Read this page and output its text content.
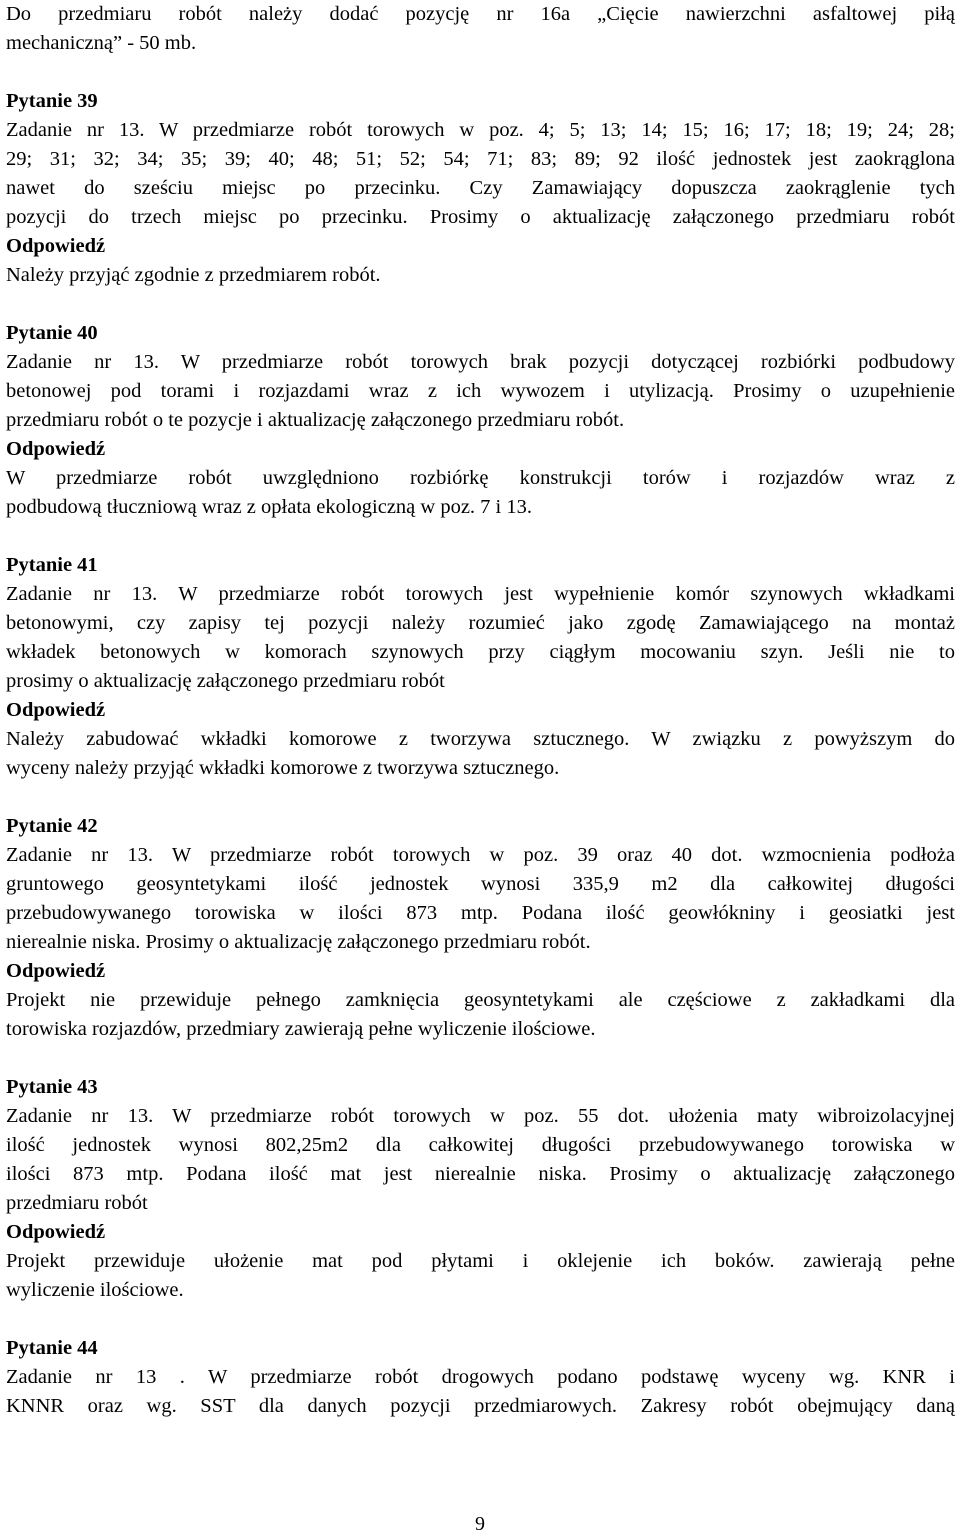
Do przedmiaru robót należy dodać pozycję nr 16a „Cięcie nawierzchni asfaltowej piłą
mechaniczną” - 50 mb.
Pytanie 39
Zadanie nr 13. W przedmiarze robót torowych w poz. 4; 5; 13; 14; 15; 16; 17; 18; 19; 24; 28;
29; 31; 32; 34; 35; 39; 40; 48; 51; 52; 54; 71; 83; 89; 92 ilość jednostek jest zaokrąglona
nawet do sześciu miejsc po przecinku. Czy Zamawiający dopuszcza zaokrąglenie tych
pozycji do trzech miejsc po przecinku. Prosimy o aktualizację załączonego przedmiaru robót
Odpowiedź
Należy przyjąć zgodnie z przedmiarem robót.
Pytanie 40
Zadanie nr 13. W przedmiarze robót torowych brak pozycji dotyczącej rozbiórki podbudowy
betonowej pod torami i rozjazdami wraz z ich wywozem i utylizacją. Prosimy o uzupełnienie
przedmiaru robót o te pozycje i aktualizację załączonego przedmiaru robót.
Odpowiedź
W przedmiarze robót uwzględniono rozbiórkę konstrukcji torów i rozjazdów wraz z
podbudową tłuczniową wraz z opłata ekologiczną w poz. 7 i 13.
Pytanie 41
Zadanie nr 13. W przedmiarze robót torowych jest wypełnienie komór szynowych wkładkami
betonowymi, czy zapisy tej pozycji należy rozumieć jako zgodę Zamawiającego na montaż
wkładek betonowych w komorach szynowych przy ciągłym mocowaniu szyn. Jeśli nie to
prosimy o aktualizację załączonego przedmiaru robót
Odpowiedź
Należy zabudować wkładki komorowe z tworzywa sztucznego. W związku z powyższym do
wyceny należy przyjąć wkładki komorowe z tworzywa sztucznego.
Pytanie 42
Zadanie nr 13. W przedmiarze robót torowych w poz. 39 oraz 40 dot. wzmocnienia podłoża
gruntowego geosyntetykami ilość jednostek wynosi 335,9 m2 dla całkowitej długości
przebudowywanego torowiska w ilości 873 mtp. Podana ilość geowłókniny i geosiatki jest
nierealnie niska. Prosimy o aktualizację załączonego przedmiaru robót.
Odpowiedź
Projekt nie przewiduje pełnego zamknięcia geosyntetykami ale częściowe z zakładkami dla
torowiska rozjazdów, przedmiary zawierają pełne wyliczenie ilościowe.
Pytanie 43
Zadanie nr 13. W przedmiarze robót torowych w poz. 55 dot. ułożenia maty wibroizolacyjnej
ilość jednostek wynosi 802,25m2 dla całkowitej długości przebudowywanego torowiska w
ilości 873 mtp. Podana ilość mat jest nierealnie niska. Prosimy o aktualizację załączonego
przedmiaru robót
Odpowiedź
Projekt przewiduje ułożenie mat pod płytami i oklejenie ich boków. zawierają pełne
wyliczenie ilościowe.
Pytanie 44
Zadanie nr 13 . W przedmiarze robót drogowych podano podstawę wyceny wg. KNR i
KNNR oraz wg. SST dla danych pozycji przedmiarowych. Zakresy robót obejmujący daną
9
